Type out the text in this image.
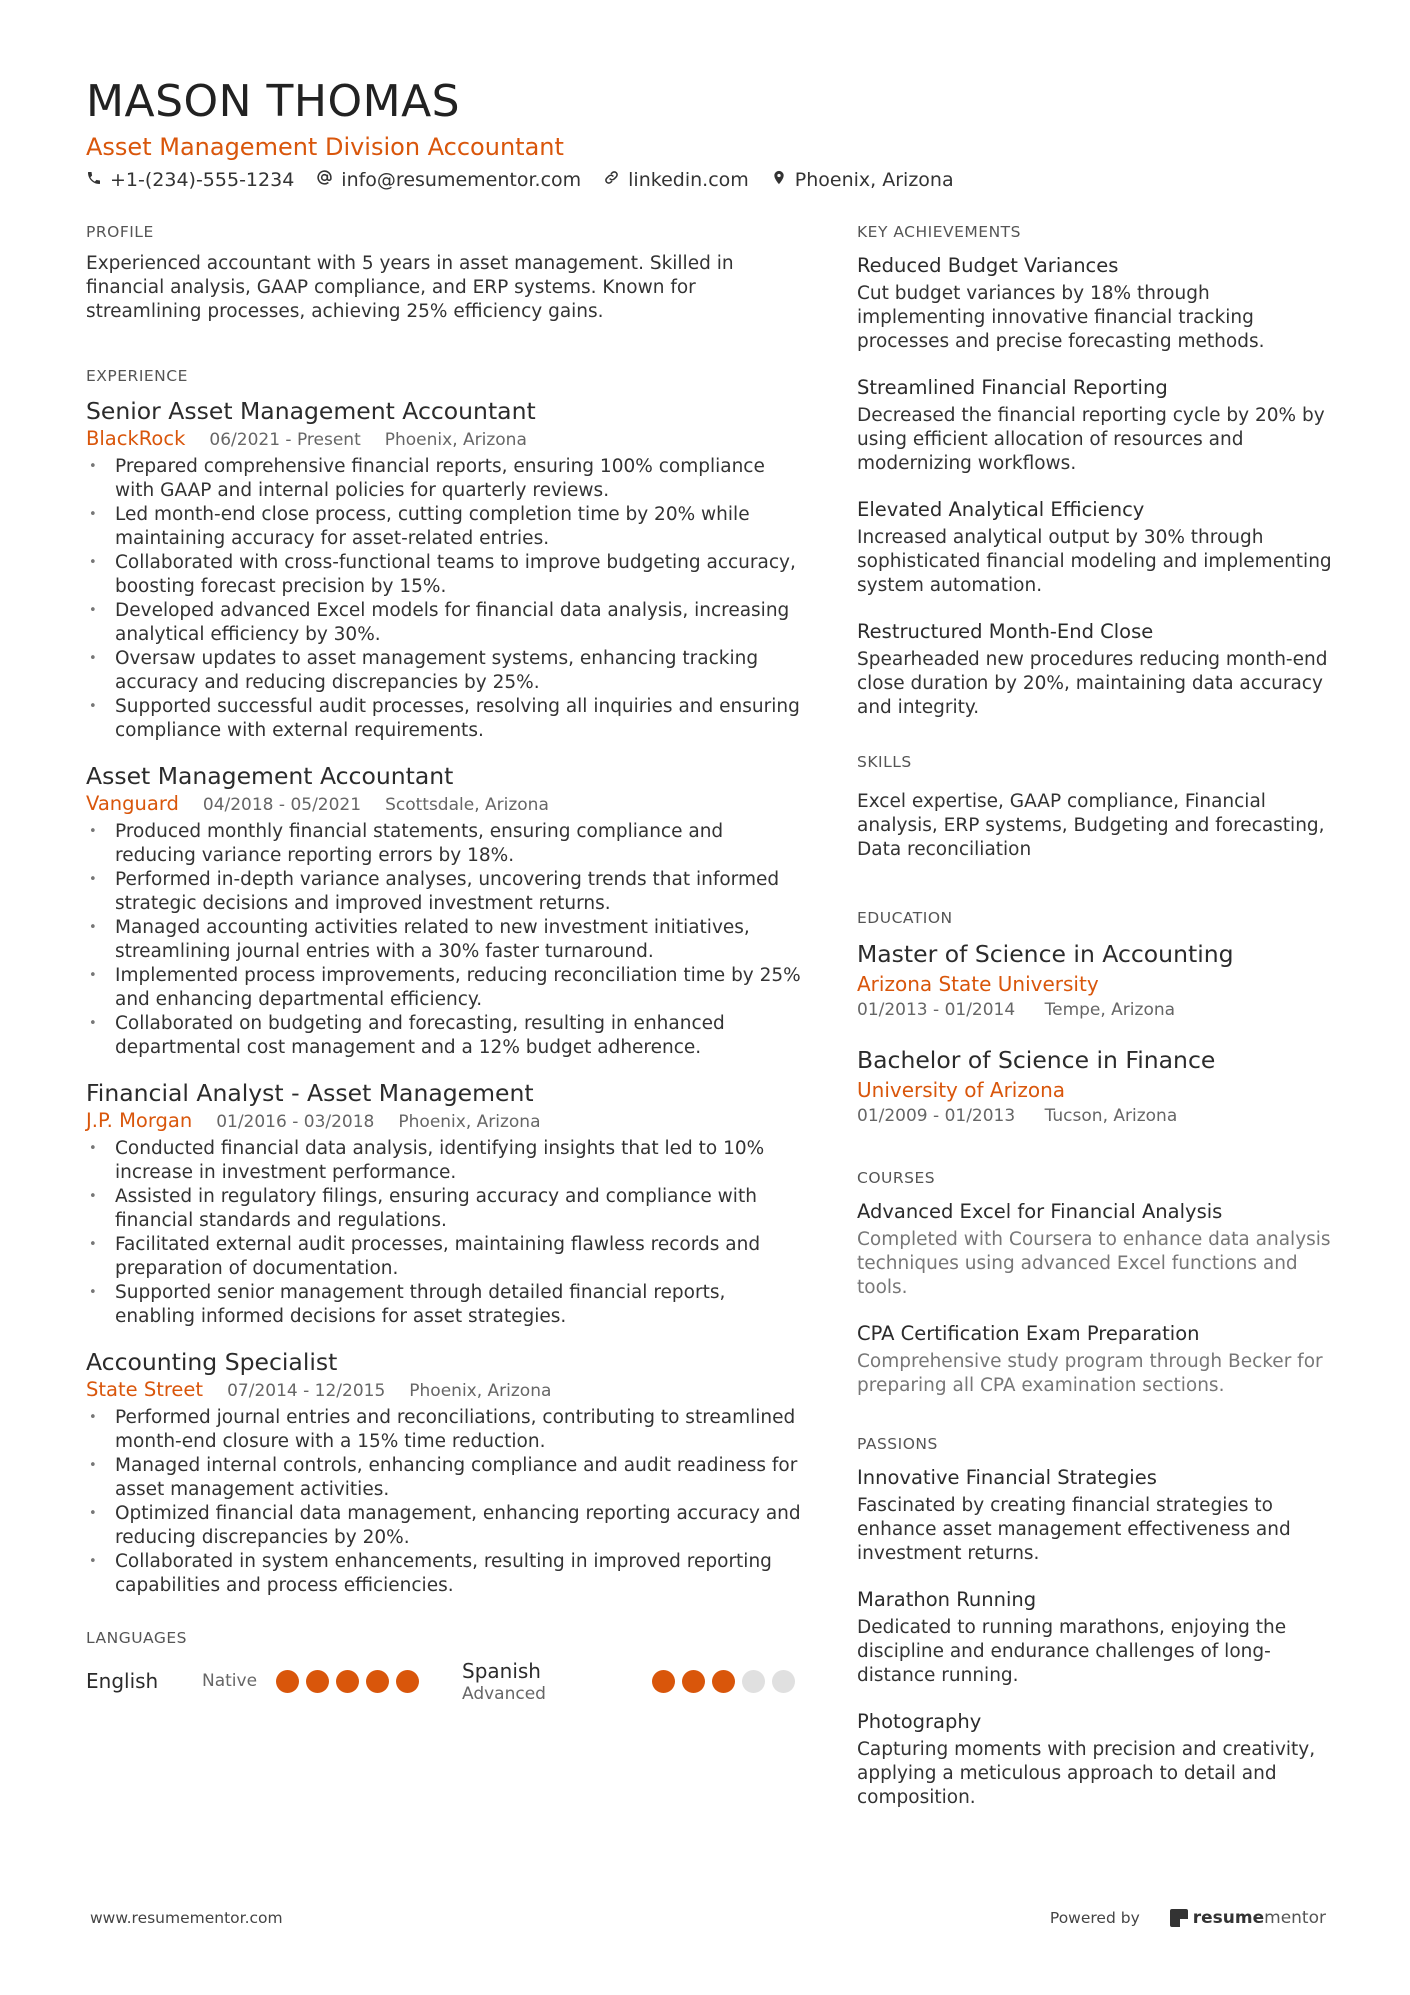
MASON THOMAS
Asset Management Division Accountant
+1-(234)-555-1234 info@resumementor.com linkedin.com Phoenix, Arizona
PROFILE
Experienced accountant with 5 years in asset management. Skilled in financial analysis, GAAP compliance, and ERP systems. Known for streamlining processes, achieving 25% efficiency gains.
EXPERIENCE
Senior Asset Management Accountant
BlackRock 06/2021 - Present Phoenix, Arizona
• Prepared comprehensive financial reports, ensuring 100% compliance with GAAP and internal policies for quarterly reviews.
• Led month-end close process, cutting completion time by 20% while maintaining accuracy for asset-related entries.
• Collaborated with cross-functional teams to improve budgeting accuracy, boosting forecast precision by 15%.
• Developed advanced Excel models for financial data analysis, increasing analytical efficiency by 30%.
• Oversaw updates to asset management systems, enhancing tracking accuracy and reducing discrepancies by 25%.
• Supported successful audit processes, resolving all inquiries and ensuring compliance with external requirements.
Asset Management Accountant
Vanguard 04/2018 - 05/2021 Scottsdale, Arizona
• Produced monthly financial statements, ensuring compliance and reducing variance reporting errors by 18%.
• Performed in-depth variance analyses, uncovering trends that informed strategic decisions and improved investment returns.
• Managed accounting activities related to new investment initiatives, streamlining journal entries with a 30% faster turnaround.
• Implemented process improvements, reducing reconciliation time by 25% and enhancing departmental efficiency.
• Collaborated on budgeting and forecasting, resulting in enhanced departmental cost management and a 12% budget adherence.
Financial Analyst - Asset Management
J.P. Morgan 01/2016 - 03/2018 Phoenix, Arizona
• Conducted financial data analysis, identifying insights that led to 10% increase in investment performance.
• Assisted in regulatory filings, ensuring accuracy and compliance with financial standards and regulations.
• Facilitated external audit processes, maintaining flawless records and preparation of documentation.
• Supported senior management through detailed financial reports, enabling informed decisions for asset strategies.
Accounting Specialist
State Street 07/2014 - 12/2015 Phoenix, Arizona
• Performed journal entries and reconciliations, contributing to streamlined month-end closure with a 15% time reduction.
• Managed internal controls, enhancing compliance and audit readiness for asset management activities.
• Optimized financial data management, enhancing reporting accuracy and reducing discrepancies by 20%.
• Collaborated in system enhancements, resulting in improved reporting capabilities and process efficiencies.
LANGUAGES
English	Native	Spanish
Advanced
KEY ACHIEVEMENTS
Reduced Budget Variances
Cut budget variances by 18% through implementing innovative financial tracking processes and precise forecasting methods.
Streamlined Financial Reporting
Decreased the financial reporting cycle by 20% by using efficient allocation of resources and modernizing workflows.
Elevated Analytical Efficiency
Increased analytical output by 30% through sophisticated financial modeling and implementing system automation.
Restructured Month-End Close
Spearheaded new procedures reducing month-end close duration by 20%, maintaining data accuracy and integrity.
SKILLS
Excel expertise, GAAP compliance, Financial analysis, ERP systems, Budgeting and forecasting, Data reconciliation
EDUCATION
Master of Science in Accounting
Arizona State University
01/2013 - 01/2014 Tempe, Arizona
Bachelor of Science in Finance
University of Arizona
01/2009 - 01/2013 Tucson, Arizona
COURSES
Advanced Excel for Financial Analysis
Completed with Coursera to enhance data analysis techniques using advanced Excel functions and tools.
CPA Certification Exam Preparation
Comprehensive study program through Becker for preparing all CPA examination sections.
PASSIONS
Innovative Financial Strategies
Fascinated by creating financial strategies to enhance asset management effectiveness and investment returns.
Marathon Running
Dedicated to running marathons, enjoying the discipline and endurance challenges of long-distance running.
Photography
Capturing moments with precision and creativity, applying a meticulous approach to detail and composition.
www.resumementor.com	Powered by	resume mentor
